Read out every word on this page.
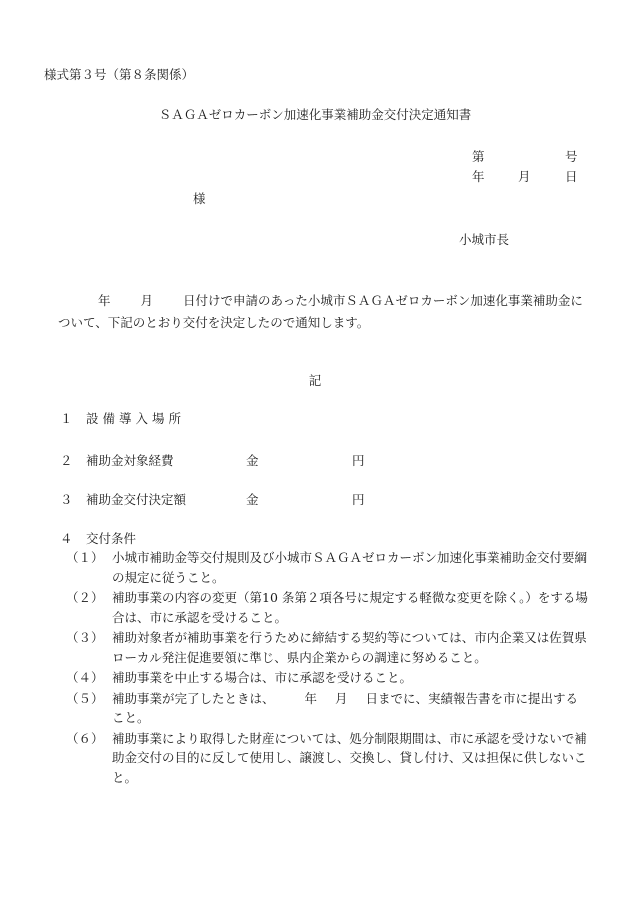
様式第３号（第８条関係）
ＳＡＧＡゼロカーボン加速化事業補助金交付決定通知書
第	号
年	月	日
様
小城市長
年 月 日付けで申請のあった小城市ＳＡＧＡゼロカーボン加速化事業補助金について、下記のとおり交付を決定したので通知します。
記
１ 設備導入場所
２ 補助金対象経費	金	円
３ 補助金交付決定額	金	円
４ 交付条件
（１） 小城市補助金等交付規則及び小城市ＳＡＧＡゼロカーボン加速化事業補助金交付要綱の規定に従うこと。
（２） 補助事業の内容の変更（第10 条第２項各号に規定する軽微な変更を除く。）をする場合は、市に承認を受けること。
（３） 補助対象者が補助事業を行うために締結する契約等については、市内企業又は佐賀県ローカル発注促進要領に準じ、県内企業からの調達に努めること。
（４） 補助事業を中止する場合は、市に承認を受けること。
（５） 補助事業が完了したときは、 年 月 日までに、実績報告書を市に提出すること。
（６） 補助事業により取得した財産については、処分制限期間は、市に承認を受けないで補助金交付の目的に反して使用し、譲渡し、交換し、貸し付け、又は担保に供しないこと。
